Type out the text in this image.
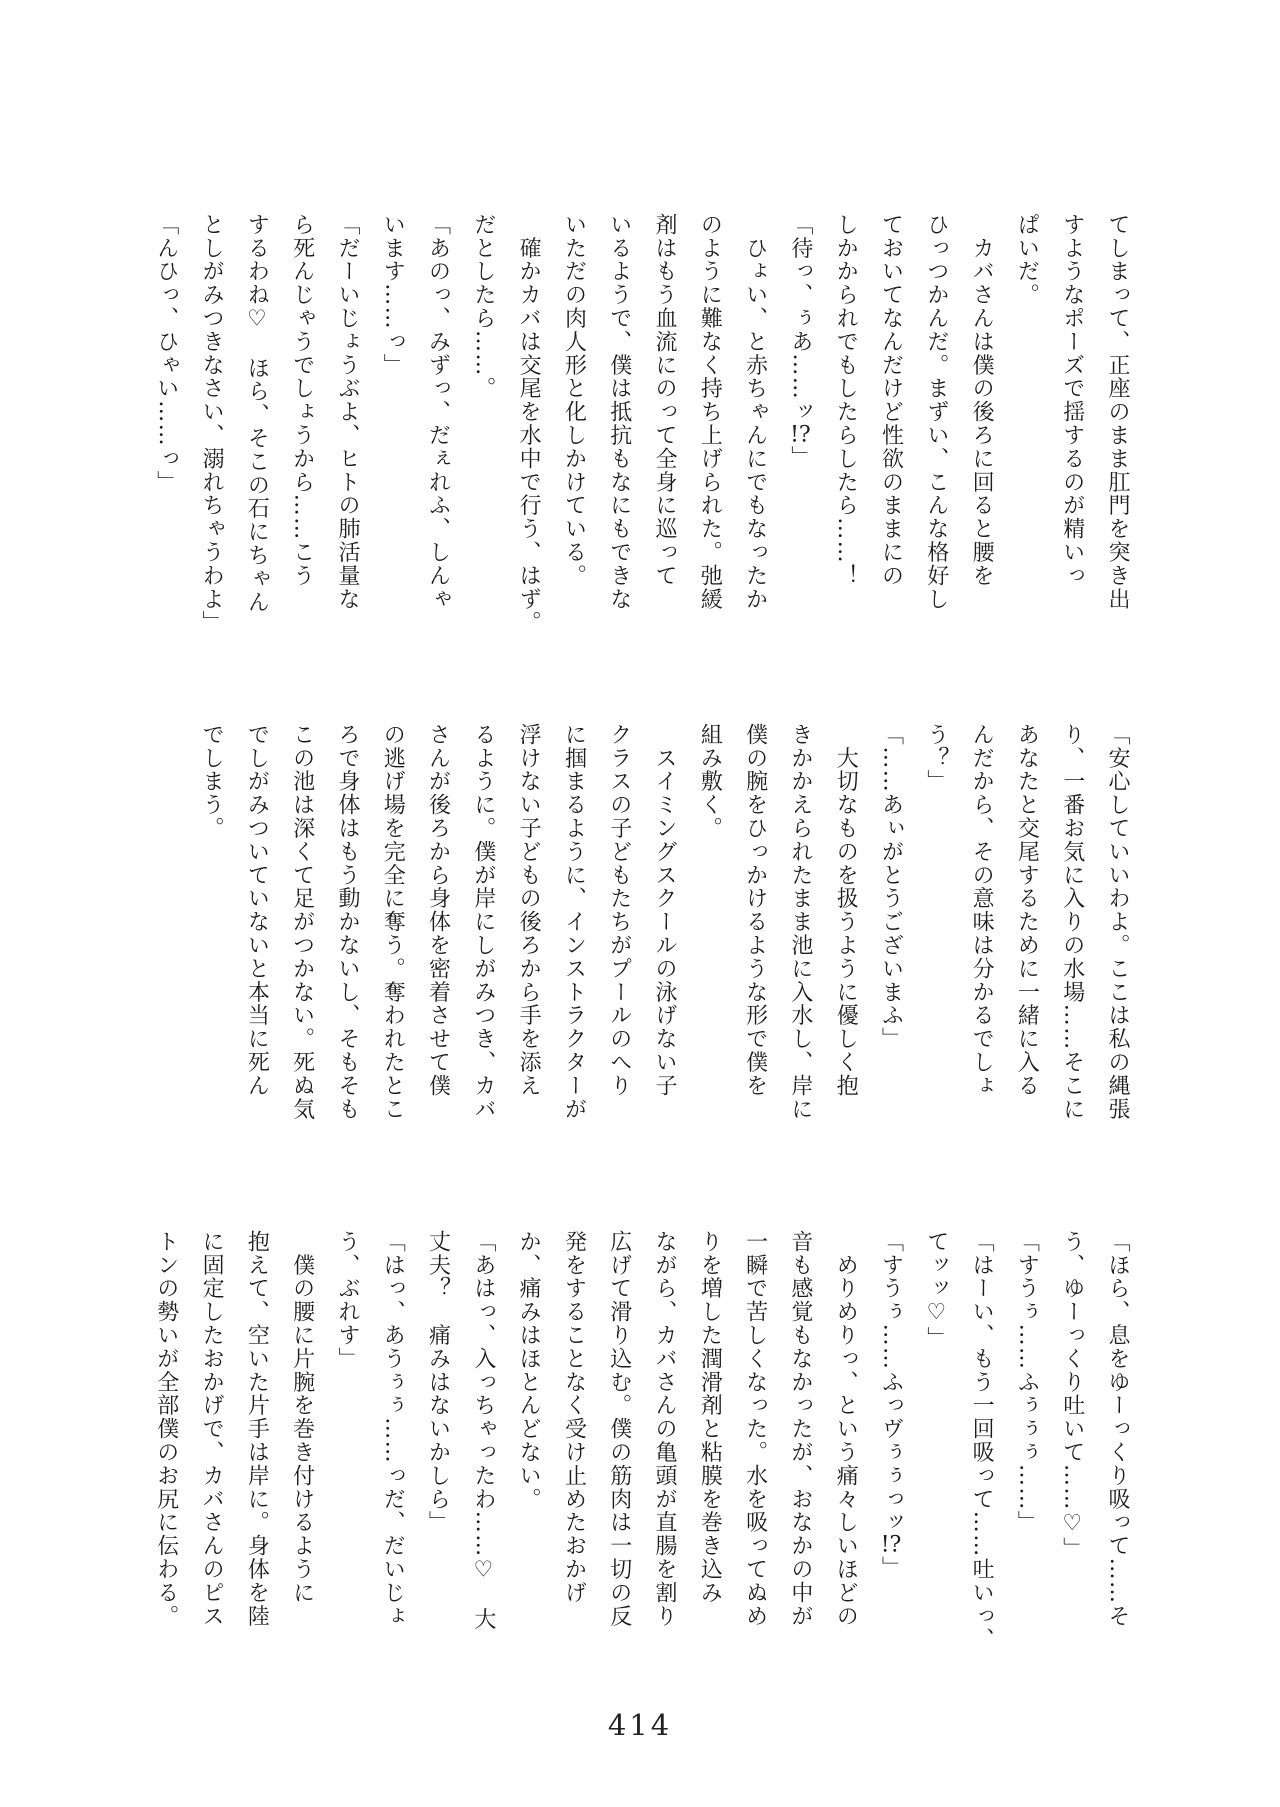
てしまって、正座のまま肛門を突き出

すようなポーズで揺するのが精いっ

ぱいだ。

　カバさんは僕の後ろに回ると腰を

ひっつかんだ。まずい、こんな格好し

ておいてなんだけど性欲のままにの

しかかられでもしたらしたら……！

「待っ、ぅあ……ッ!?」

　ひょい、と赤ちゃんにでもなったか

のように難なく持ち上げられた。弛緩

剤はもう血流にのって全身に巡って

いるようで、僕は抵抗もなにもできな

いただの肉人形と化しかけている。

　確かカバは交尾を水中で行う、はず。

だとしたら……。

「あのっ、みずっ、だぇれふ、しんゃ

います……っ」

「だーいじょうぶよ、ヒトの肺活量な

ら死んじゃうでしょうから……こう

するわね♡　ほら、そこの石にちゃん

としがみつきなさい、溺れちゃうわよ」

「んひっ、ひゃい……っ」

「安心していいわよ。ここは私の縄張

り、一番お気に入りの水場……そこに

あなたと交尾するために一緒に入る

んだから、その意味は分かるでしょ

う？」

「……あぃがとうございまふ」

　大切なものを扱うように優しく抱

きかかえられたまま池に入水し、岸に

僕の腕をひっかけるような形で僕を

組み敷く。

　スイミングスクールの泳げない子

クラスの子どもたちがプールのへり

に掴まるように、インストラクターが

浮けない子どもの後ろから手を添え

るように。僕が岸にしがみつき、カバ

さんが後ろから身体を密着させて僕

の逃げ場を完全に奪う。奪われたとこ

ろで身体はもう動かないし、そもそも

この池は深くて足がつかない。死ぬ気

でしがみついていないと本当に死ん

でしまう。

「ほら、息をゆーっくり吸って……そ

う、ゆーっくり吐いて……♡」

「すうぅ……ふぅぅぅ……」

「はーい、もう一回吸って……吐いっ、

てッッ♡」

「すうぅ……ふっヴぅぅっッ!?」

　めりめりっ、という痛々しいほどの

音も感覚もなかったが、おなかの中が

一瞬で苦しくなった。水を吸ってぬめ

りを増した潤滑剤と粘膜を巻き込み

ながら、カバさんの亀頭が直腸を割り

広げて滑り込む。僕の筋肉は一切の反

発をすることなく受け止めたおかげ

か、痛みはほとんどない。

「あはっ、入っちゃったわ……♡　大

丈夫？　痛みはないかしら」

「はっ、あうぅぅ……っだ、だいじょ

う、ぶれす」

　僕の腰に片腕を巻き付けるように

抱えて、空いた片手は岸に。身体を陸

に固定したおかげで、カバさんのピス

トンの勢いが全部僕のお尻に伝わる。

414
